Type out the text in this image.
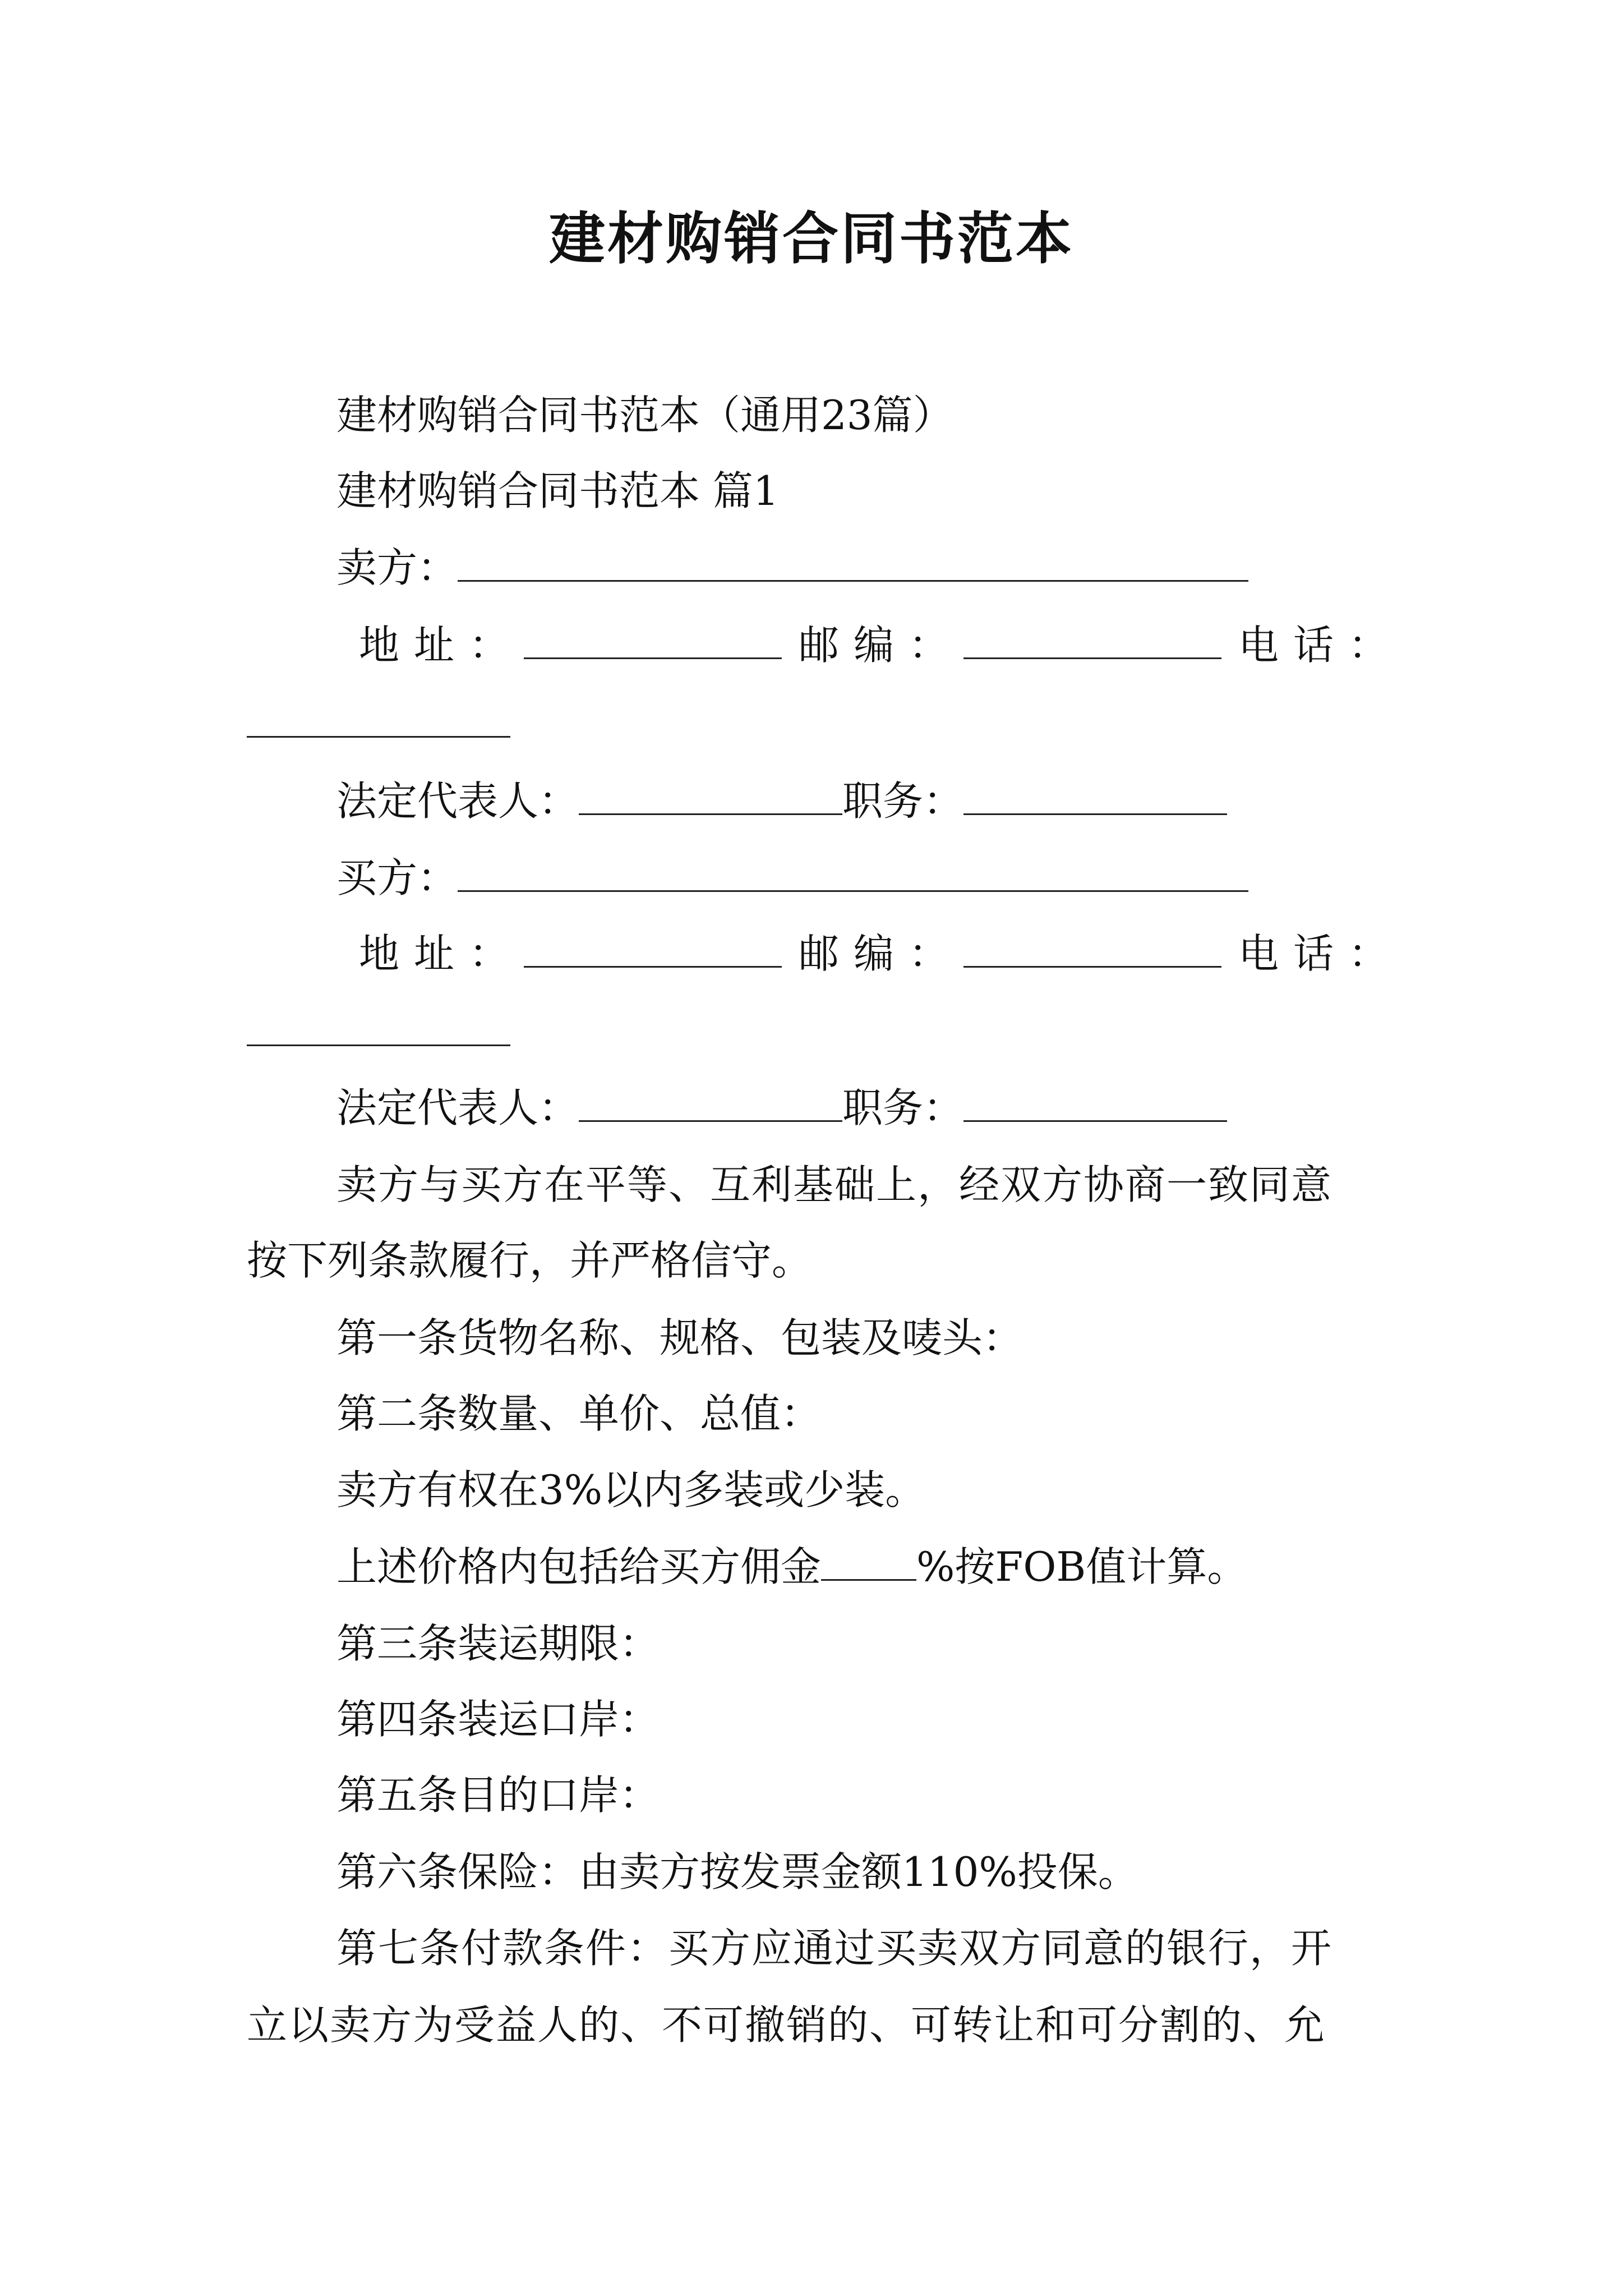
建材购销合同书范本
建材购销合同书范本（通用23篇）
建材购销合同书范本 篇1
卖方：
地址：	邮编：	电话：
法定代表人：	职务：
买方：
地址：	邮编：	电话：
法定代表人：	职务：
卖方与买方在平等、互利基础上，经双方协商一致同意
按下列条款履行，并严格信守。
第一条货物名称、规格、包装及唛头：
第二条数量、单价、总值：
卖方有权在3%以内多装或少装。
上述价格内包括给买方佣金 %按FOB值计算。
第三条装运期限：
第四条装运口岸：
第五条目的口岸：
第六条保险：由卖方按发票金额110%投保。
第七条付款条件：买方应通过买卖双方同意的银行，开
立以卖方为受益人的、不可撤销的、可转让和可分割的、允
